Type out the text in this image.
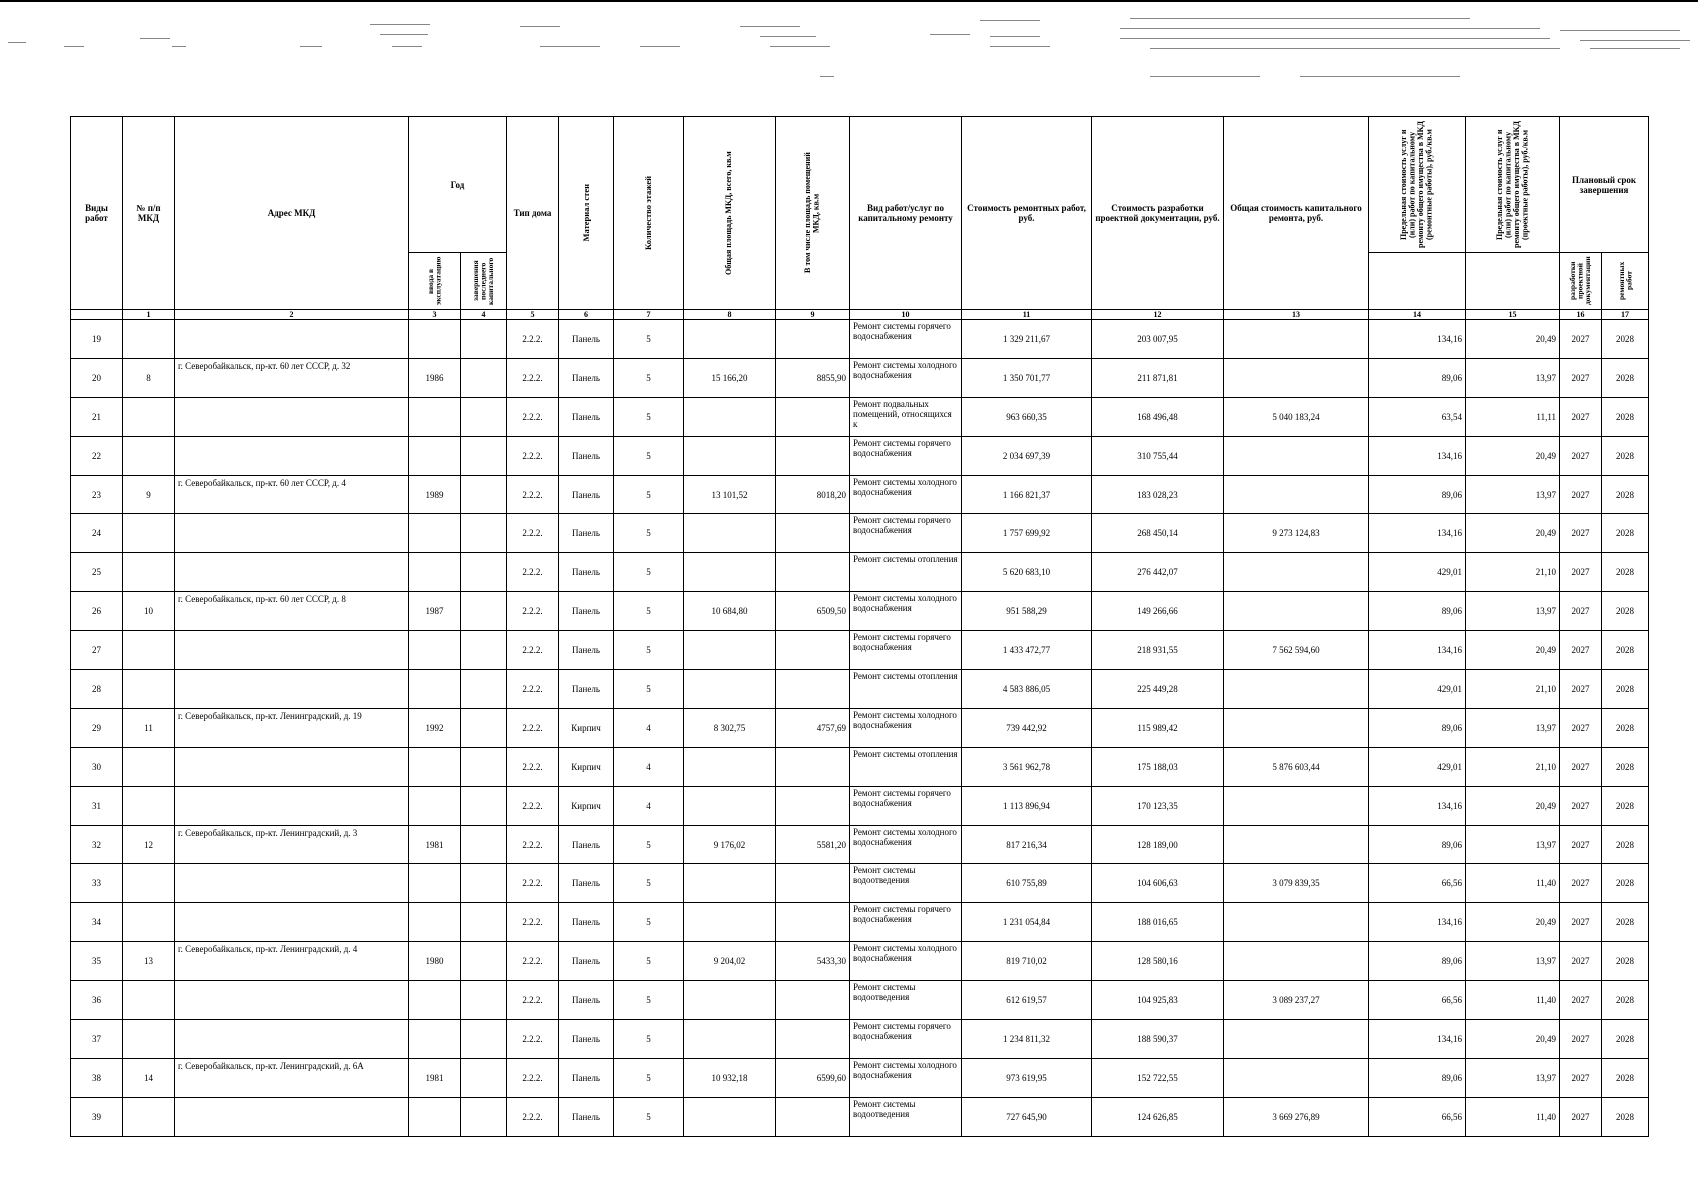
Виды работ	№ п/п МКД	Адрес МКД	Год		Тип дома	Материал стен	Количество этажей	Общая площадь МКД, всего, кв.м	В том числе площадь помещений МКД, кв.м	Вид работ/услуг по капитальному ремонту	Стоимость ремонтных работ, руб.	Стоимость разработки проектной документации, руб.	Общая стоимость капитального ремонта, руб.	Предельная стоимость услуг и (или) работ по капитальному ремонту общего имущества в МКД (ремонтные работы), руб./кв.м	Предельная стоимость услуг и (или) работ по капитальному ремонту общего имущества в МКД (проектные работы), руб./кв.м	Плановый срок завершения	

			ввода в эксплуатацию	завершения последнего капитального												разработки проектной документации	ремонтных работ

	1	2	3	4	5	6	7	8	9	10	11	12	13	14	15	16	17
19					2.2.2.	Панель	5			Ремонт системы горячего водоснабжения	1 329 211,67	203 007,95		134,16	20,49	2027	2028
20	8	г. Северобайкальск, пр-кт. 60 лет СССР, д. 32	1986		2.2.2.	Панель	5	15 166,20	8855,90	Ремонт системы холодного водоснабжения	1 350 701,77	211 871,81		89,06	13,97	2027	2028
21					2.2.2.	Панель	5			Ремонт подвальных помещений, относящихся к	963 660,35	168 496,48	5 040 183,24	63,54	11,11	2027	2028
22					2.2.2.	Панель	5			Ремонт системы горячего водоснабжения	2 034 697,39	310 755,44		134,16	20,49	2027	2028
23	9	г. Северобайкальск, пр-кт. 60 лет СССР, д. 4	1989		2.2.2.	Панель	5	13 101,52	8018,20	Ремонт системы холодного водоснабжения	1 166 821,37	183 028,23		89,06	13,97	2027	2028
24					2.2.2.	Панель	5			Ремонт системы горячего водоснабжения	1 757 699,92	268 450,14	9 273 124,83	134,16	20,49	2027	2028
25					2.2.2.	Панель	5			Ремонт системы отопления	5 620 683,10	276 442,07		429,01	21,10	2027	2028
26	10	г. Северобайкальск, пр-кт. 60 лет СССР, д. 8	1987		2.2.2.	Панель	5	10 684,80	6509,50	Ремонт системы холодного водоснабжения	951 588,29	149 266,66		89,06	13,97	2027	2028
27					2.2.2.	Панель	5			Ремонт системы горячего водоснабжения	1 433 472,77	218 931,55	7 562 594,60	134,16	20,49	2027	2028
28					2.2.2.	Панель	5			Ремонт системы отопления	4 583 886,05	225 449,28		429,01	21,10	2027	2028
29	11	г. Северобайкальск, пр-кт. Ленинградский, д. 19	1992		2.2.2.	Кирпич	4	8 302,75	4757,69	Ремонт системы холодного водоснабжения	739 442,92	115 989,42		89,06	13,97	2027	2028
30					2.2.2.	Кирпич	4			Ремонт системы отопления	3 561 962,78	175 188,03	5 876 603,44	429,01	21,10	2027	2028
31					2.2.2.	Кирпич	4			Ремонт системы горячего водоснабжения	1 113 896,94	170 123,35		134,16	20,49	2027	2028
32	12	г. Северобайкальск, пр-кт. Ленинградский, д. 3	1981		2.2.2.	Панель	5	9 176,02	5581,20	Ремонт системы холодного водоснабжения	817 216,34	128 189,00		89,06	13,97	2027	2028
33					2.2.2.	Панель	5			Ремонт системы водоотведения	610 755,89	104 606,63	3 079 839,35	66,56	11,40	2027	2028
34					2.2.2.	Панель	5			Ремонт системы горячего водоснабжения	1 231 054,84	188 016,65		134,16	20,49	2027	2028
35	13	г. Северобайкальск, пр-кт. Ленинградский, д. 4	1980		2.2.2.	Панель	5	9 204,02	5433,30	Ремонт системы холодного водоснабжения	819 710,02	128 580,16		89,06	13,97	2027	2028
36					2.2.2.	Панель	5			Ремонт системы водоотведения	612 619,57	104 925,83	3 089 237,27	66,56	11,40	2027	2028
37					2.2.2.	Панель	5			Ремонт системы горячего водоснабжения	1 234 811,32	188 590,37		134,16	20,49	2027	2028
38	14	г. Северобайкальск, пр-кт. Ленинградский, д. 6А	1981		2.2.2.	Панель	5	10 932,18	6599,60	Ремонт системы холодного водоснабжения	973 619,95	152 722,55		89,06	13,97	2027	2028
39					2.2.2.	Панель	5			Ремонт системы водоотведения	727 645,90	124 626,85	3 669 276,89	66,56	11,40	2027	2028
